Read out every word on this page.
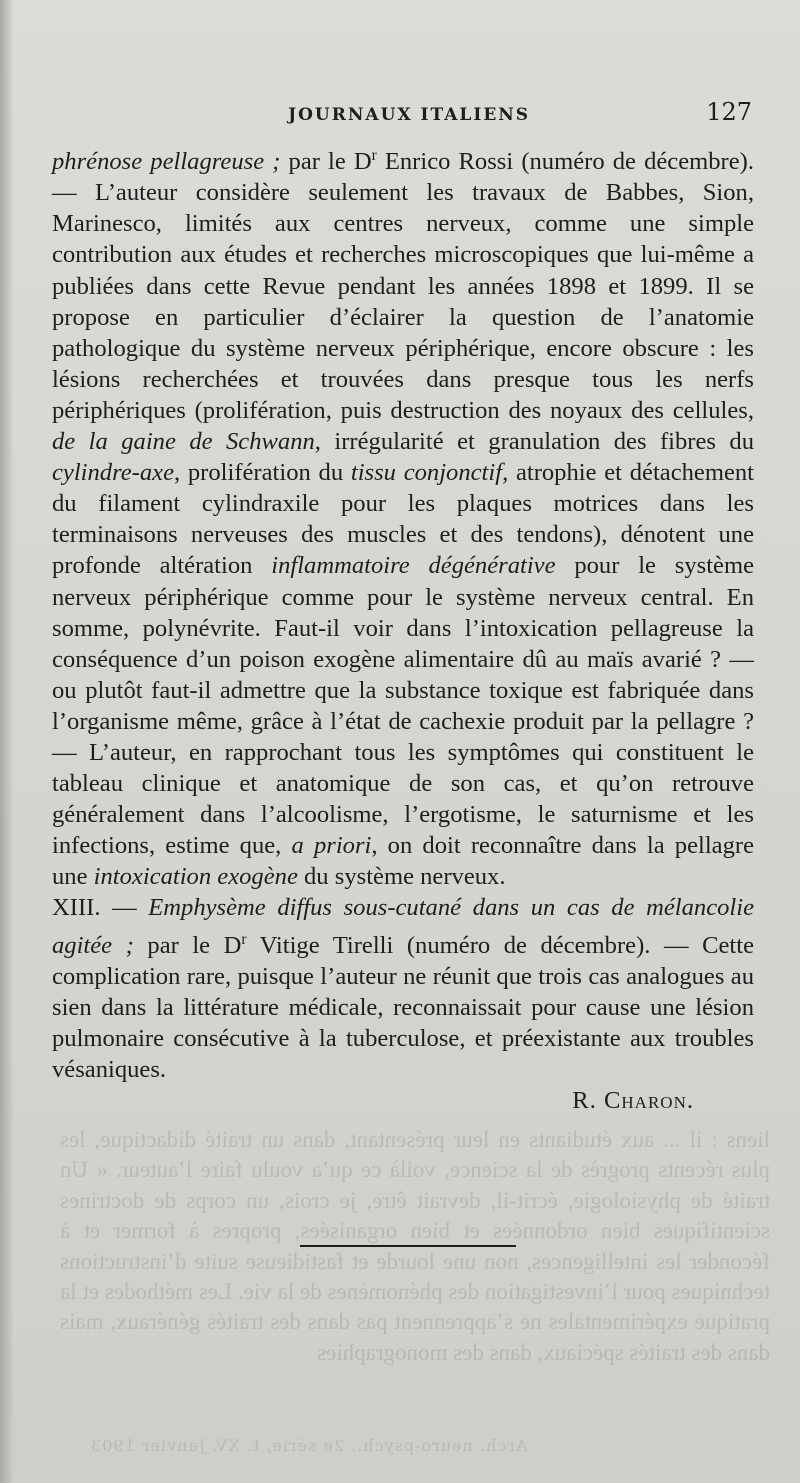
liens : il ... aux étudiants en leur présentant, dans un traité didactique, les plus récents progrès de la science, voilà ce qu’a voulu faire l’auteur. « Un traité de physiologie, écrit-il, devrait être, je crois, un corps de doctrines scientifiques bien ordonnées et bien organisées, propres à former et à féconder les intelligences, non une lourde et fastidieuse suite d’instructions techniques pour l’investigation des phénomènes de la vie. Les méthodes et la pratique expérimentales ne s’apprennent pas dans des traités généraux, mais dans des traités spéciaux, dans des monographies
Arch. neuro-psych., 2e série, t. XV. Janvier 1903
JOURNAUX ITALIENS	127

phrénose pellagreuse ; par le $D^r$ Enrico Rossi (numéro de décembre). — L’auteur considère seulement les travaux de Babbes, Sion, Marinesco, limités aux centres nerveux, comme une simple contribution aux études et recherches microscopiques que lui-même a publiées dans cette Revue pendant les années 1898 et 1899. Il se propose en particulier d’éclairer la question de l’anatomie pathologique du système nerveux périphérique, encore obscure : les lésions recherchées et trouvées dans presque tous les nerfs périphériques (prolifération, puis destruction des noyaux des cellules, de la gaine de Schwann, irrégularité et granulation des fibres du cylindre-axe, prolifération du tissu conjonctif, atrophie et détachement du filament cylindraxile pour les plaques motrices dans les terminaisons nerveuses des muscles et des tendons), dénotent une profonde altération inflammatoire dégénérative pour le système nerveux périphérique comme pour le système nerveux central. En somme, polynévrite. Faut-il voir dans l’intoxication pellagreuse la conséquence d’un poison exogène alimentaire dû au maïs avarié ? — ou plutôt faut-il admettre que la substance toxique est fabriquée dans l’organisme même, grâce à l’état de cachexie produit par la pellagre ? — L’auteur, en rapprochant tous les symptômes qui constituent le tableau clinique et anatomique de son cas, et qu’on retrouve généralement dans l’alcoolisme, l’ergotisme, le saturnisme et les infections, estime que, a priori, on doit reconnaître dans la pellagre une intoxication exogène du système nerveux.

XIII. — Emphysème diffus sous-cutané dans un cas de mélancolie agitée ; par le $D^r$ Vitige Tirelli (numéro de décembre). — Cette complication rare, puisque l’auteur ne réunit que trois cas analogues au sien dans la littérature médicale, reconnaissait pour cause une lésion pulmonaire consécutive à la tuberculose, et préexistante aux troubles vésaniques.

R. Charon.
